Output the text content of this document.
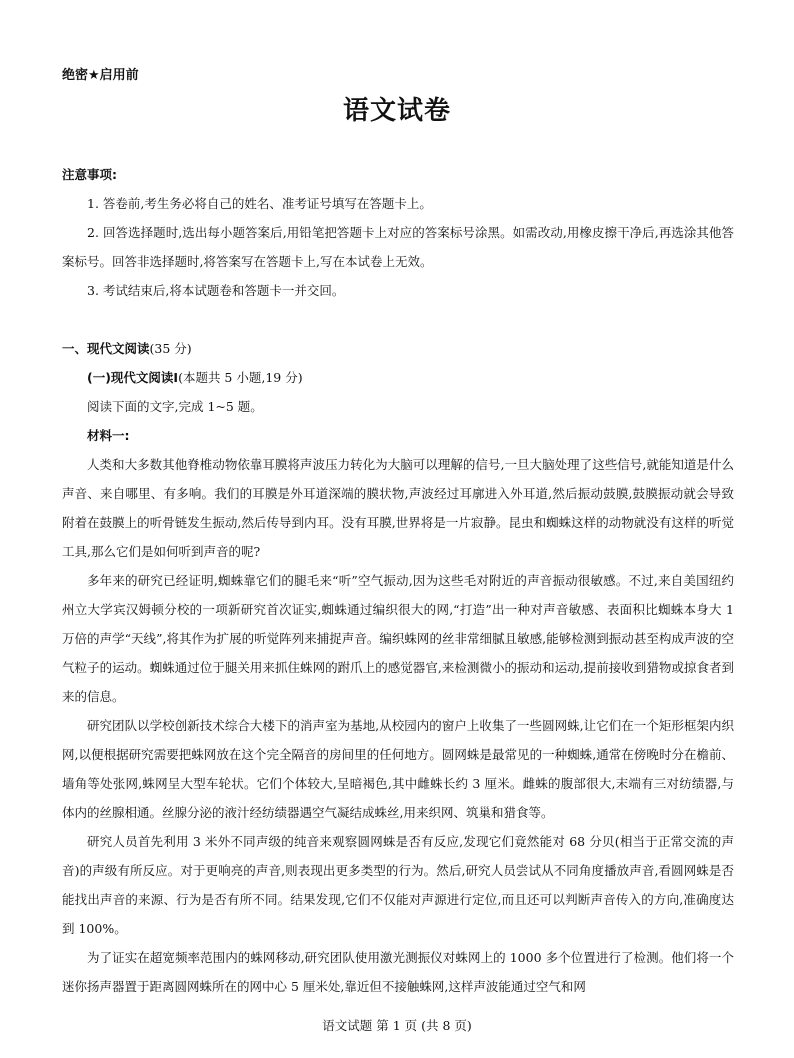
绝密★启用前
语文试卷

注意事项:

1. 答卷前,考生务必将自己的姓名、准考证号填写在答题卡上。

2. 回答选择题时,选出每小题答案后,用铅笔把答题卡上对应的答案标号涂黑。如需改动,用橡皮擦干净后,再选涂其他答案标号。回答非选择题时,将答案写在答题卡上,写在本试卷上无效。

3. 考试结束后,将本试题卷和答题卡一并交回。

一、现代文阅读(35 分)

(一)现代文阅读Ⅰ(本题共 5 小题,19 分)

阅读下面的文字,完成 1~5 题。

材料一:

人类和大多数其他脊椎动物依靠耳膜将声波压力转化为大脑可以理解的信号,一旦大脑处理了这些信号,就能知道是什么声音、来自哪里、有多响。我们的耳膜是外耳道深端的膜状物,声波经过耳廓进入外耳道,然后振动鼓膜,鼓膜振动就会导致附着在鼓膜上的听骨链发生振动,然后传导到内耳。没有耳膜,世界将是一片寂静。昆虫和蜘蛛这样的动物就没有这样的听觉工具,那么它们是如何听到声音的呢?

多年来的研究已经证明,蜘蛛靠它们的腿毛来“听”空气振动,因为这些毛对附近的声音振动很敏感。不过,来自美国纽约州立大学宾汉姆顿分校的一项新研究首次证实,蜘蛛通过编织很大的网,“打造”出一种对声音敏感、表面积比蜘蛛本身大 1 万倍的声学“天线”,将其作为扩展的听觉阵列来捕捉声音。编织蛛网的丝非常细腻且敏感,能够检测到振动甚至构成声波的空气粒子的运动。蜘蛛通过位于腿关用来抓住蛛网的跗爪上的感觉器官,来检测微小的振动和运动,提前接收到猎物或掠食者到来的信息。

研究团队以学校创新技术综合大楼下的消声室为基地,从校园内的窗户上收集了一些圆网蛛,让它们在一个矩形框架内织网,以便根据研究需要把蛛网放在这个完全隔音的房间里的任何地方。圆网蛛是最常见的一种蜘蛛,通常在傍晚时分在檐前、墙角等处张网,蛛网呈大型车轮状。它们个体较大,呈暗褐色,其中雌蛛长约 3 厘米。雌蛛的腹部很大,末端有三对纺绩器,与体内的丝腺相通。丝腺分泌的液汁经纺绩器遇空气凝结成蛛丝,用来织网、筑巢和猎食等。

研究人员首先利用 3 米外不同声级的纯音来观察圆网蛛是否有反应,发现它们竟然能对 68 分贝(相当于正常交流的声音)的声级有所反应。对于更响亮的声音,则表现出更多类型的行为。然后,研究人员尝试从不同角度播放声音,看圆网蛛是否能找出声音的来源、行为是否有所不同。结果发现,它们不仅能对声源进行定位,而且还可以判断声音传入的方向,准确度达到 100%。

为了证实在超宽频率范围内的蛛网移动,研究团队使用激光测振仪对蛛网上的 1000 多个位置进行了检测。他们将一个迷你扬声器置于距离圆网蛛所在的网中心 5 厘米处,靠近但不接触蛛网,这样声波能通过空气和网

语文试题 第 1 页 (共 8 页)
